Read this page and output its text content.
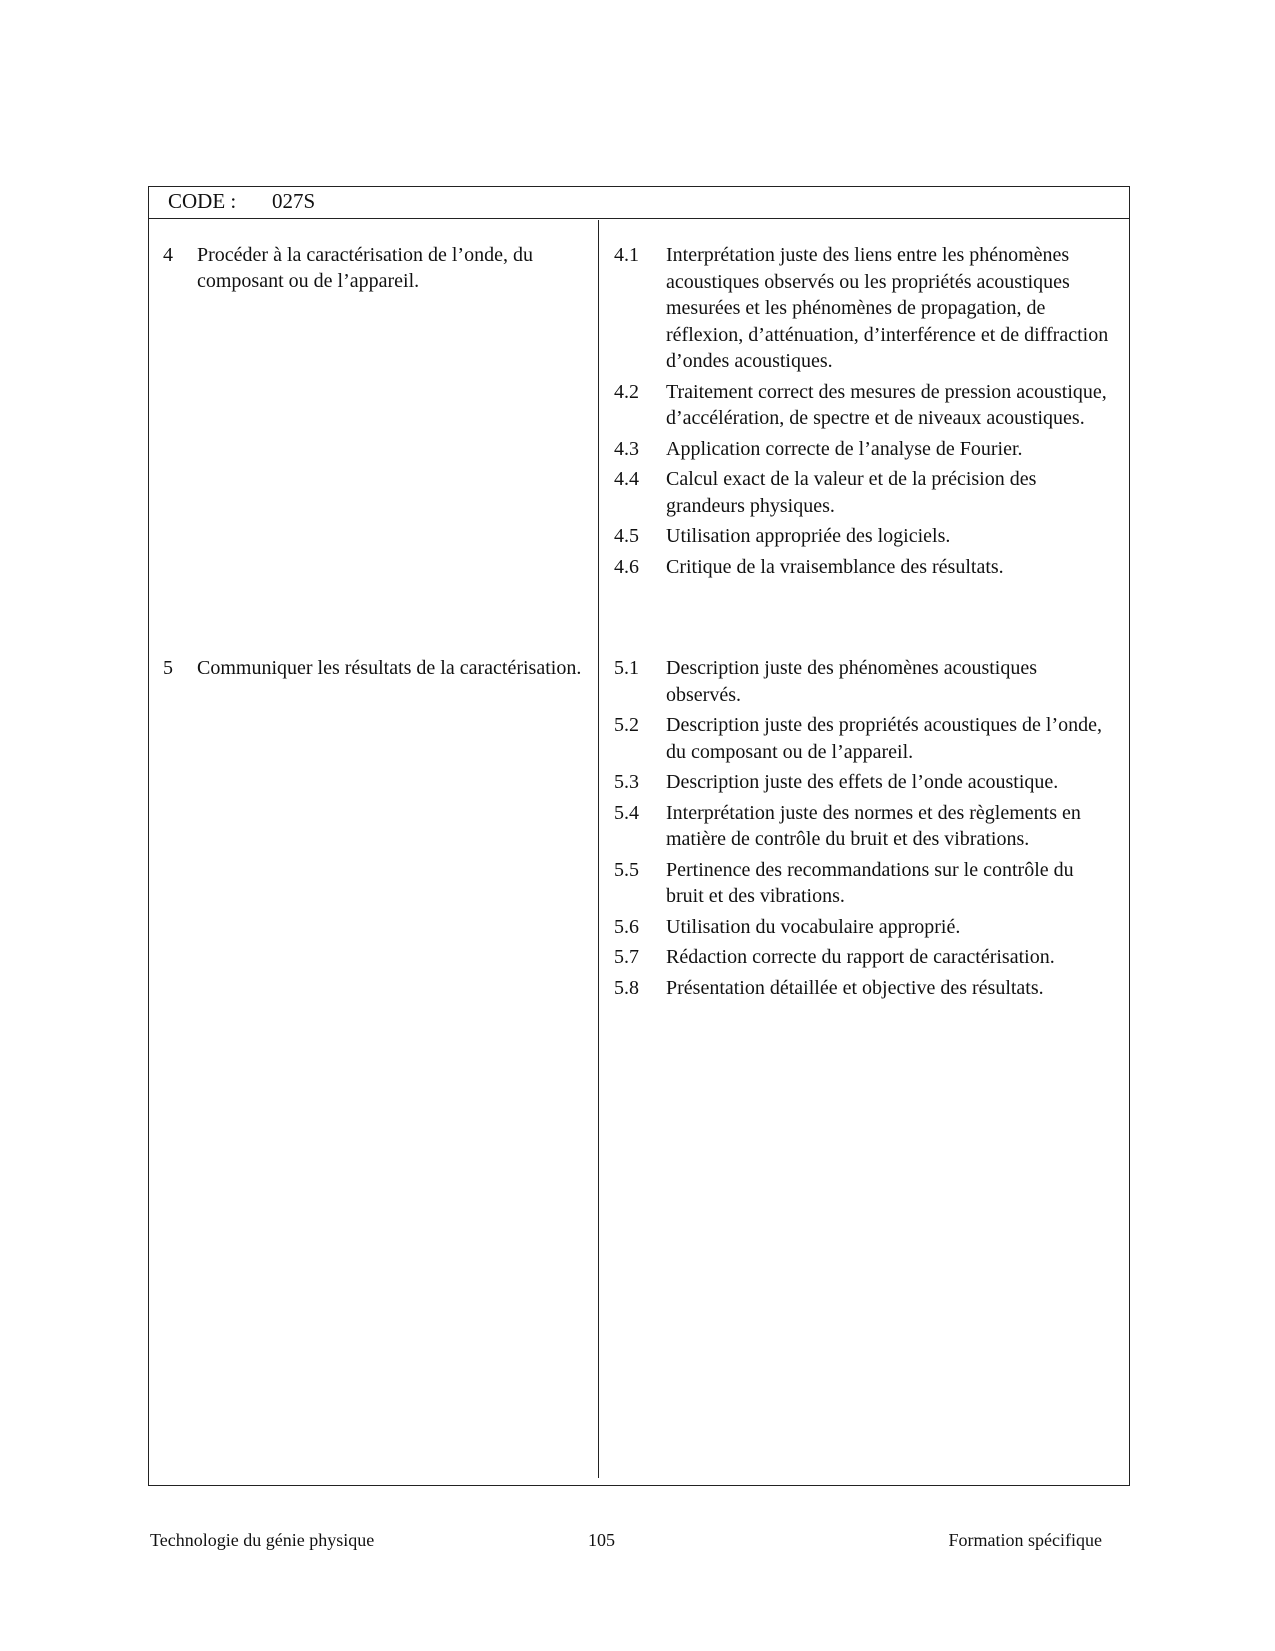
CODE : 027S
4 Procéder à la caractérisation de l’onde, du composant ou de l’appareil.
4.1 Interprétation juste des liens entre les phénomènes acoustiques observés ou les propriétés acoustiques mesurées et les phénomènes de propagation, de réflexion, d’atténuation, d’interférence et de diffraction d’ondes acoustiques.
4.2 Traitement correct des mesures de pression acoustique, d’accélération, de spectre et de niveaux acoustiques.
4.3 Application correcte de l’analyse de Fourier.
4.4 Calcul exact de la valeur et de la précision des grandeurs physiques.
4.5 Utilisation appropriée des logiciels.
4.6 Critique de la vraisemblance des résultats.
5 Communiquer les résultats de la caractérisation. 5.1 Description juste des phénomènes acoustiques observés.
5.2 Description juste des propriétés acoustiques de l’onde, du composant ou de l’appareil.
5.3 Description juste des effets de l’onde acoustique.
5.4 Interprétation juste des normes et des règlements en matière de contrôle du bruit et des vibrations.
5.5 Pertinence des recommandations sur le contrôle du bruit et des vibrations.
5.6 Utilisation du vocabulaire approprié.
5.7 Rédaction correcte du rapport de caractérisation.
5.8 Présentation détaillée et objective des résultats.
Technologie du génie physique	105	Formation spécifique
